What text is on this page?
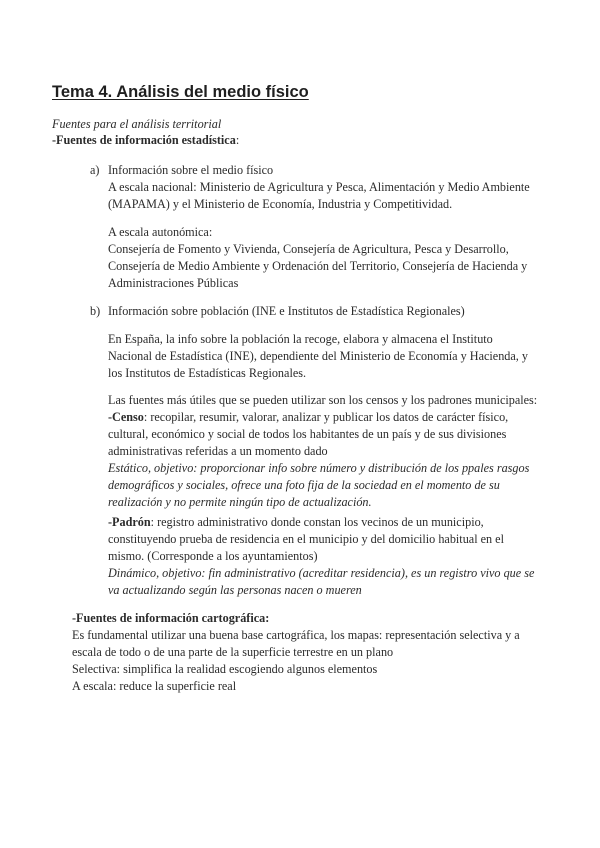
Tema 4. Análisis del medio físico
Fuentes para el análisis territorial
-Fuentes de información estadística:
a) Información sobre el medio físico
A escala nacional: Ministerio de Agricultura y Pesca, Alimentación y Medio Ambiente
(MAPAMA) y el Ministerio de Economía, Industria y Competitividad.
A escala autonómica:
Consejería de Fomento y Vivienda, Consejería de Agricultura, Pesca y Desarrollo,
Consejería de Medio Ambiente y Ordenación del Territorio, Consejería de Hacienda y
Administraciones Públicas
b) Información sobre población (INE e Institutos de Estadística Regionales)
En España, la info sobre la población la recoge, elabora y almacena el Instituto
Nacional de Estadística (INE), dependiente del Ministerio de Economía y Hacienda, y
los Institutos de Estadísticas Regionales.
Las fuentes más útiles que se pueden utilizar son los censos y los padrones municipales:
-Censo: recopilar, resumir, valorar, analizar y publicar los datos de carácter físico,
cultural, económico y social de todos los habitantes de un país y de sus divisiones
administrativas referidas a un momento dado
Estático, objetivo: proporcionar info sobre número y distribución de los ppales rasgos
demográficos y sociales, ofrece una foto fija de la sociedad en el momento de su
realización y no permite ningún tipo de actualización.
-Padrón: registro administrativo donde constan los vecinos de un municipio,
constituyendo prueba de residencia en el municipio y del domicilio habitual en el
mismo. (Corresponde a los ayuntamientos)
Dinámico, objetivo: fin administrativo (acreditar residencia), es un registro vivo que se
va actualizando según las personas nacen o mueren
-Fuentes de información cartográfica:
Es fundamental utilizar una buena base cartográfica, los mapas: representación selectiva y a
escala de todo o de una parte de la superficie terrestre en un plano
Selectiva: simplifica la realidad escogiendo algunos elementos
A escala: reduce la superficie real
